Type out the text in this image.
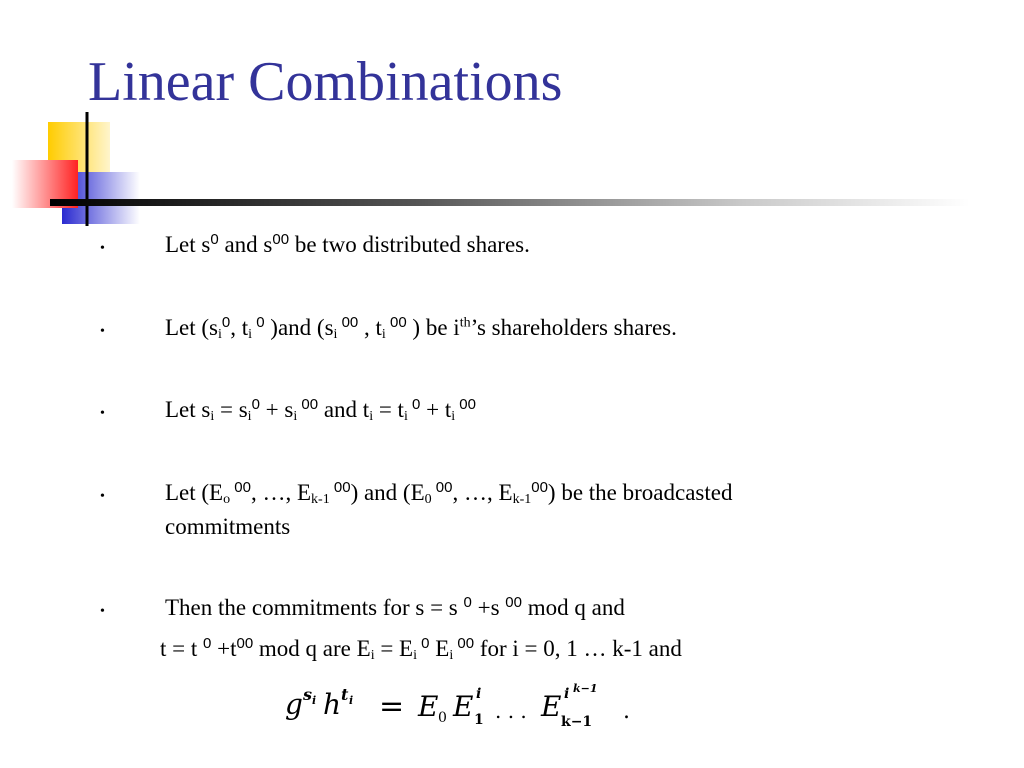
Linear Combinations
•	Let $s^0$ and $s^{00}$ be two distributed shares.
•	Let ($s_i^0$, $t_i$ $^0$ )and ($s_i$ $^{00}$ , $t_i$ $^{00}$ ) be $i^{th}’s$ shareholders shares.
•	Let $s_i = s_i^0 + s_i$ $^{00}$ and $t_i = t_i$ $^0 + t_i$ $^{00}$
•	Let ($E_o$ $^{00}$, …, $E_{k-1}$ $^{00}$) and ($E_0$ $^{00}$, …, $E_{k-1}^{00}$) be the broadcasted
commitments
•	Then the commitments for s = s $^0$ +s $^{00}$ mod q and
t = t $^0 +t^{00}$ mod q are $E_i = E_i$ $^0$ $E_i$ $^{00}$ for i = 0, 1 … k-1 and
g s i h t i = E 0 E 1
i
. . . E k−1
i k−1
.
